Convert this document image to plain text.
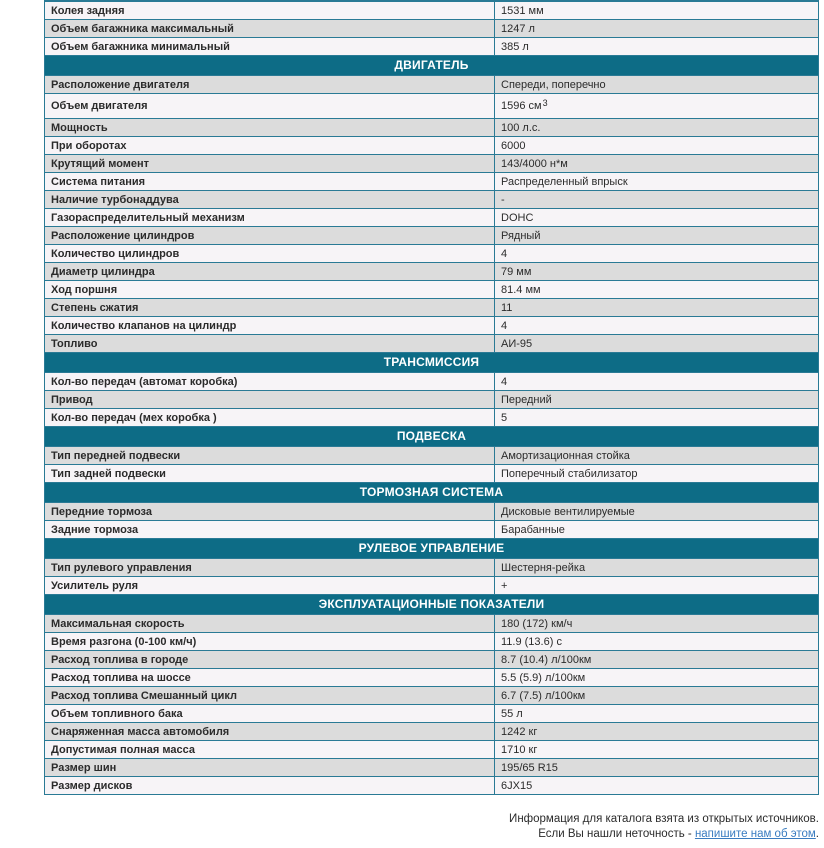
Колея задняя	1531 мм
Объем багажника максимальный	1247 л
Объем багажника минимальный	385 л
ДВИГАТЕЛЬ
Расположение двигателя	Спереди, поперечно
Объем двигателя	1596 см 3
Мощность	100 л.с.
При оборотах	6000
Крутящий момент	143/4000 н*м
Система питания	Распределенный впрыск
Наличие турбонаддува	-
Газораспределительный механизм	DOHC
Расположение цилиндров	Рядный
Количество цилиндров	4
Диаметр цилиндра	79 мм
Ход поршня	81.4 мм
Степень сжатия	11
Количество клапанов на цилиндр	4
Топливо	АИ-95
ТРАНСМИССИЯ
Кол-во передач (автомат коробка)	4
Привод	Передний
Кол-во передач (мех коробка )	5
ПОДВЕСКА
Тип передней подвески	Амортизационная стойка
Тип задней подвески	Поперечный стабилизатор
ТОРМОЗНАЯ СИСТЕМА
Передние тормоза	Дисковые вентилируемые
Задние тормоза	Барабанные
РУЛЕВОЕ УПРАВЛЕНИЕ
Тип рулевого управления	Шестерня-рейка
Усилитель руля	+
ЭКСПЛУАТАЦИОННЫЕ ПОКАЗАТЕЛИ
Максимальная скорость	180 (172) км/ч
Время разгона (0-100 км/ч)	11.9 (13.6) с
Расход топлива в городе	8.7 (10.4) л/100км
Расход топлива на шоссе	5.5 (5.9) л/100км
Расход топлива Смешанный цикл	6.7 (7.5) л/100км
Объем топливного бака	55 л
Снаряженная масса автомобиля	1242 кг
Допустимая полная масса	1710 кг
Размер шин	195/65 R15
Размер дисков	6JX15
Информация для каталога взята из открытых источников.
Если Вы нашли неточность - напишите нам об этом.
